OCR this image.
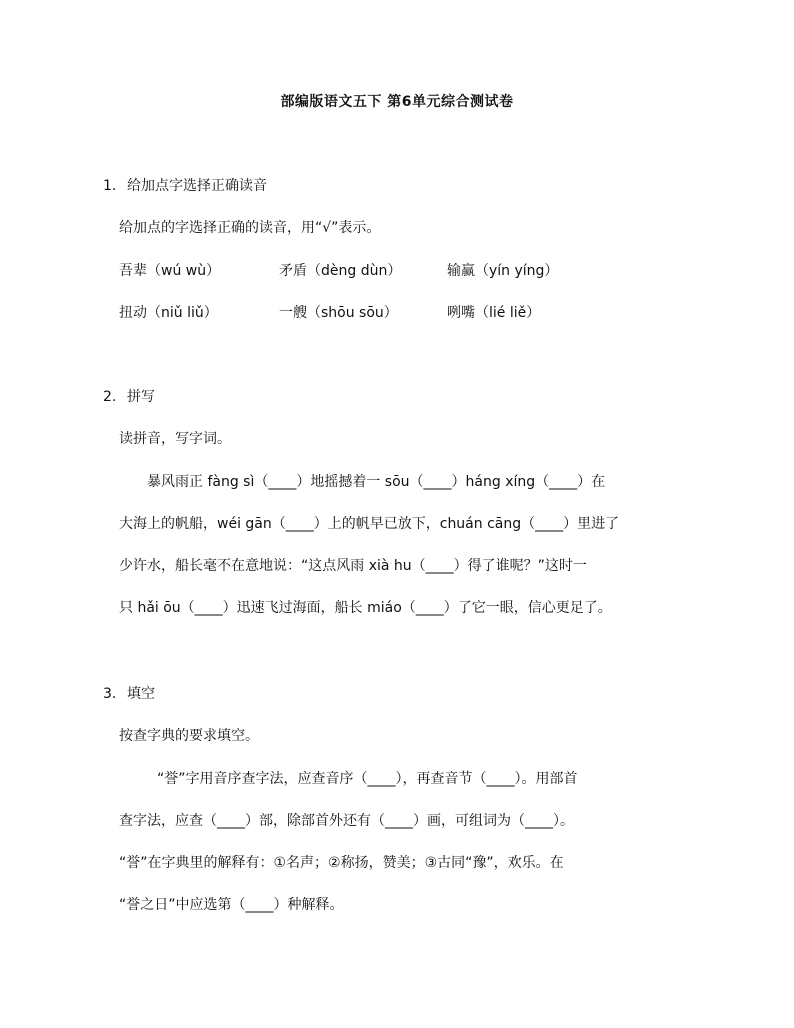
部编版语文五下 第6单元综合测试卷
1. 给加点字选择正确读音
给加点的字选择正确的读音，用“√”表示。
吾辈（wú wù）	矛盾（dèng dùn）	输赢（yín yíng）
扭动（niǔ liǔ）	一艘（shōu sōu）	咧嘴（lié liě）
2. 拼写
读拼音，写字词。
暴风雨正 fàng sì（____）地摇撼着一 sōu（____）háng xíng（____）在
大海上的帆船，wéi gān（____）上的帆早已放下，chuán cāng（____）里进了
少许水，船长毫不在意地说：“这点风雨 xià hu（____）得了谁呢？”这时一
只 hǎi ōu（____）迅速飞过海面，船长 miáo（____）了它一眼，信心更足了。
3. 填空
按查字典的要求填空。
“誉”字用音序查字法，应查音序（____），再查音节（____）。用部首
查字法，应查（____）部，除部首外还有（____）画，可组词为（____）。
“誉”在字典里的解释有：①名声；②称扬，赞美；③古同“豫”，欢乐。在
“誉之日”中应选第（____）种解释。
